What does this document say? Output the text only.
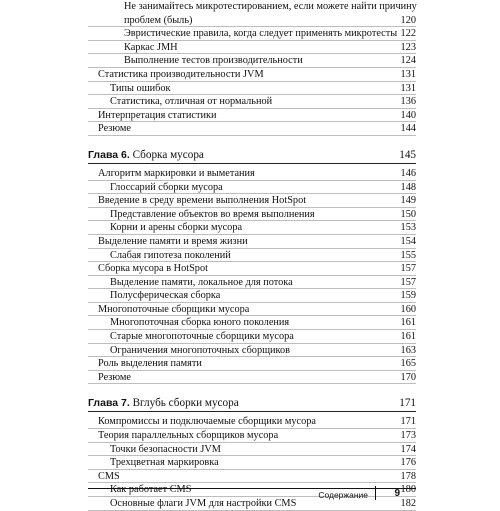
Не занимайтесь микротестированием, если можете найти причину
проблем (быль)	120
Эвристические правила, когда следует применять микротесты 122
Каркас JMH	123
Выполнение тестов производительности	124
Статистика производительности JVM	131
Типы ошибок	131
Статистика, отличная от нормальной	136
Интерпретация статистики	140
Резюме	144
Глава 6. Сборка мусора	145
Алгоритм маркировки и выметания	146
Глоссарий сборки мусора	148
Введение в среду времени выполнения HotSpot	149
Представление объектов во время выполнения	150
Корни и арены сборки мусора	153
Выделение памяти и время жизни	154
Слабая гипотеза поколений	155
Сборка мусора в HotSpot	157
Выделение памяти, локальное для потока	157
Полусферическая сборка	159
Многопоточные сборщики мусора	160
Многопоточная сборка юного поколения	161
Старые многопоточные сборщики мусора	161
Ограничения многопоточных сборщиков	163
Роль выделения памяти	165
Резюме	170
Глава 7. Вглубь сборки мусора	171
Компромиссы и подключаемые сборщики мусора	171
Теория параллельных сборщиков мусора	173
Точки безопасности JVM	174
Трехцветная маркировка	176
CMS	178
Как работает CMS	180
Основные флаги JVM для настройки CMS	182
Содержание	9
